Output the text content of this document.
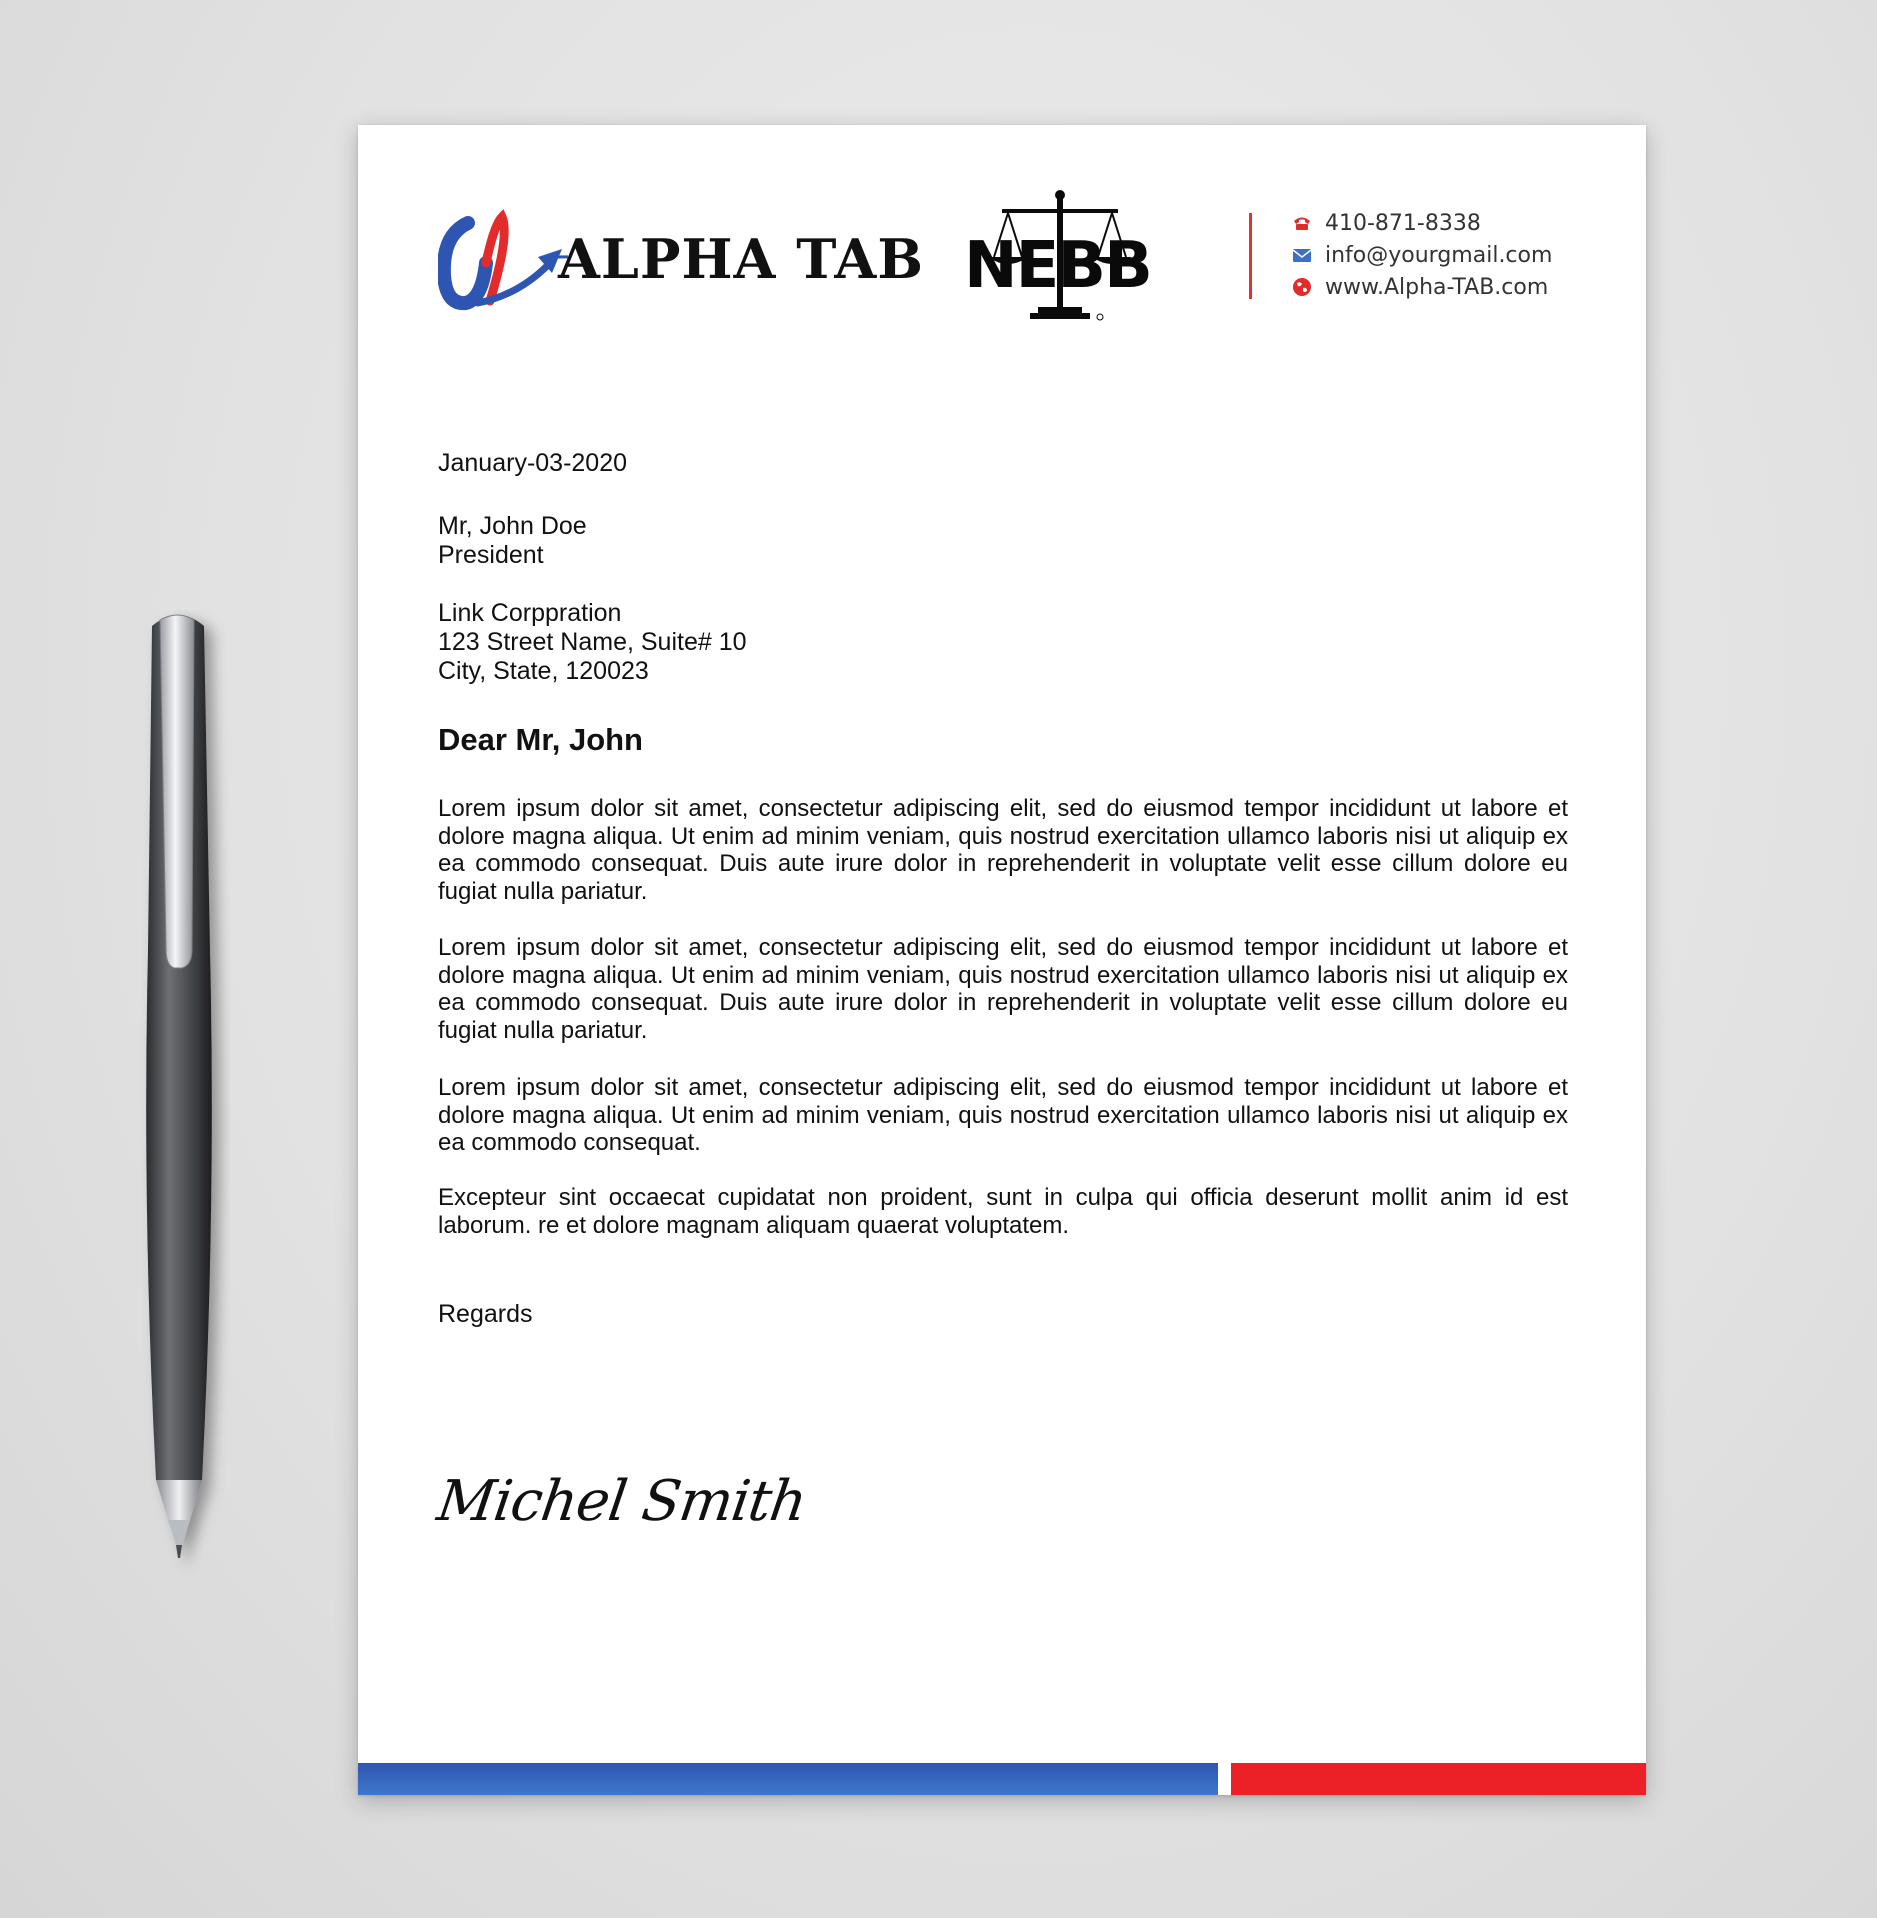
ALPHA TAB NEBB
410-871-8338
info@yourgmail.com
www.Alpha-TAB.com
January-03-2020
Mr, John Doe
President
Link Corppration
123 Street Name, Suite# 10
City, State, 120023
Dear Mr, John

Lorem ipsum dolor sit amet, consectetur adipiscing elit, sed do eiusmod tempor incididunt ut labore et dolore magna aliqua. Ut enim ad minim veniam, quis nostrud exercitation ullamco laboris nisi ut aliquip ex ea commodo consequat. Duis aute irure dolor in reprehenderit in voluptate velit esse cillum dolore eu fugiat nulla pariatur.

Lorem ipsum dolor sit amet, consectetur adipiscing elit, sed do eiusmod tempor incididunt ut labore et dolore magna aliqua. Ut enim ad minim veniam, quis nostrud exercitation ullamco laboris nisi ut aliquip ex ea commodo consequat. Duis aute irure dolor in reprehenderit in voluptate velit esse cillum dolore eu fugiat nulla pariatur.

Lorem ipsum dolor sit amet, consectetur adipiscing elit, sed do eiusmod tempor incididunt ut labore et dolore magna aliqua. Ut enim ad minim veniam, quis nostrud exercitation ullamco laboris nisi ut aliquip ex ea commodo consequat.

Excepteur sint occaecat cupidatat non proident, sunt in culpa qui officia deserunt mollit anim id est laborum. re et dolore magnam aliquam quaerat voluptatem.

Regards
Michel Smith
